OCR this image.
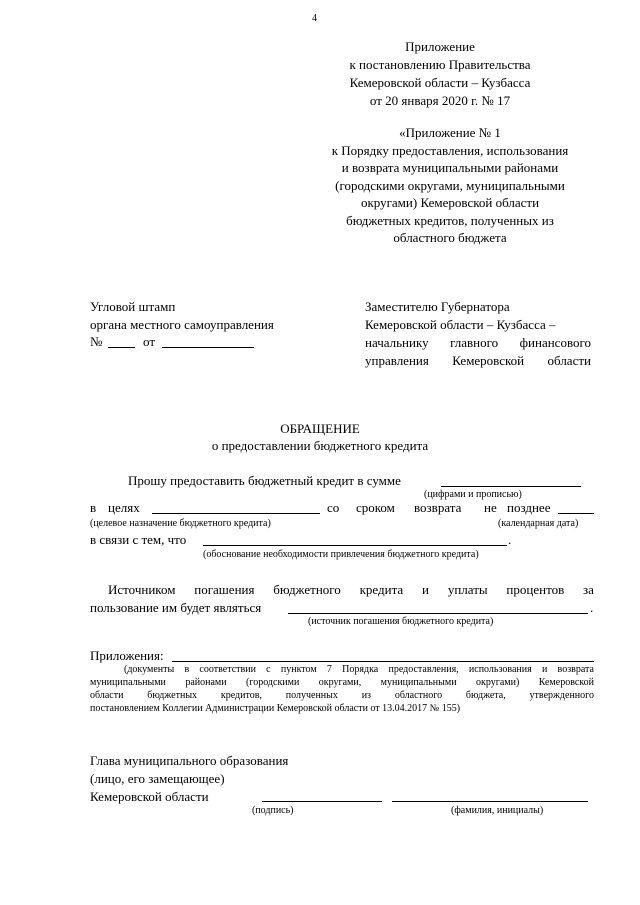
4
Приложение
к постановлению Правительства
Кемеровской области – Кузбасса
от 20 января 2020 г. № 17
«Приложение № 1
к Порядку предоставления, использования
и возврата муниципальными районами
(городскими округами, муниципальными
округами) Кемеровской области
бюджетных кредитов, полученных из
областного бюджета
Угловой штамп
органа местного самоуправления
№	от
Заместителю Губернатора
Кемеровской области – Кузбасса –
начальнику главного финансового
управления Кемеровской области
ОБРАЩЕНИЕ
о предоставлении бюджетного кредита
Прошу предоставить бюджетный кредит в сумме
(цифрами и прописью)
в целях	со сроком возврата не позднее
(целевое назначение бюджетного кредита)	(календарная дата)
в связи с тем, что	.
(обоснование необходимости привлечения бюджетного кредита)
Источником погашения бюджетного кредита и уплаты процентов за
пользование им будет являться	.
(источник погашения бюджетного кредита)
Приложения:
(документы в соответствии с пунктом 7 Порядка предоставления, использования и возврата
муниципальными районами (городскими округами, муниципальными округами) Кемеровской
области бюджетных кредитов, полученных из областного бюджета, утвержденного
постановлением Коллегии Администрации Кемеровской области от 13.04.2017 № 155)
Глава муниципального образования
(лицо, его замещающее)
Кемеровской области
(подпись)	(фамилия, инициалы)
